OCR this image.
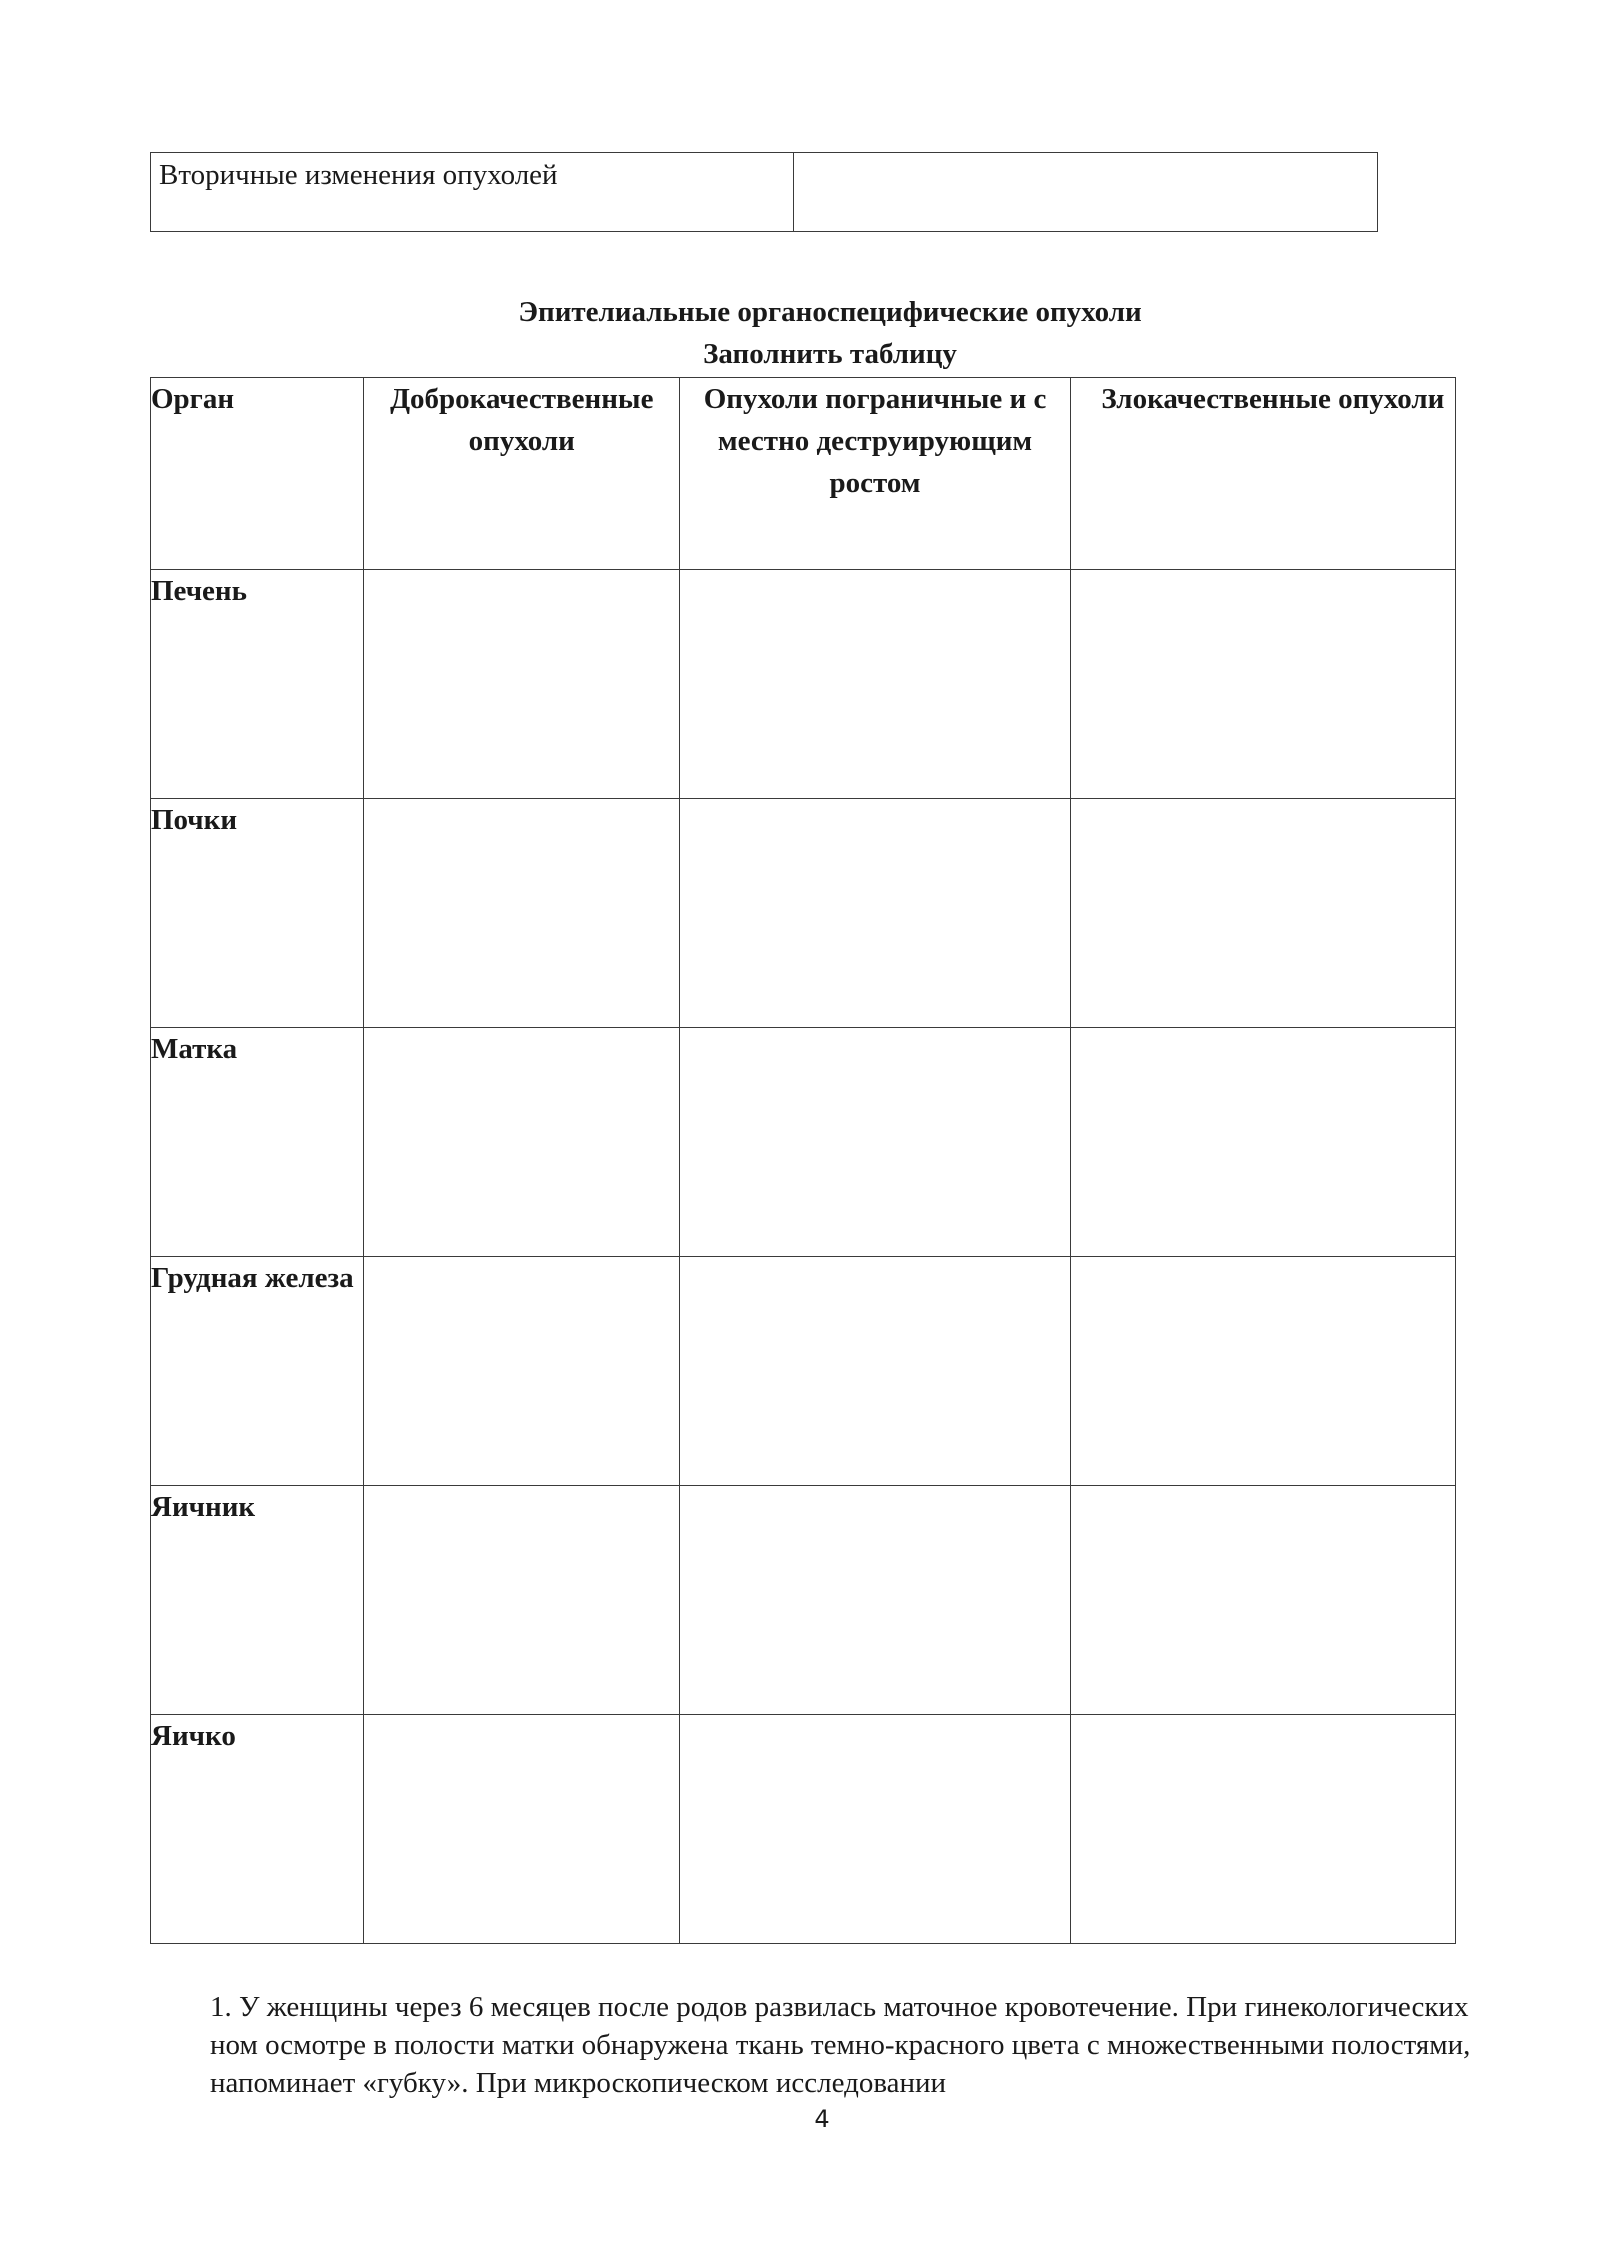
Вторичные изменения опухолей	
Эпителиальные органоспецифические опухоли
Заполнить таблицу
Орган	Доброкачественные опухоли	Опухоли пограничные и с местно деструирующим ростом	Злокачественные опухоли

Печень			
Почки			
Матка			
Грудная железа			
Яичник			
Яичко			

1. У женщины через 6 месяцев после родов развилась маточное кровотечение. При гинекологических ном осмотре в полости матки обнаружена ткань темно-красного цвета с множественными полостями, напоминает «губку». При микроскопическом исследовании

4
